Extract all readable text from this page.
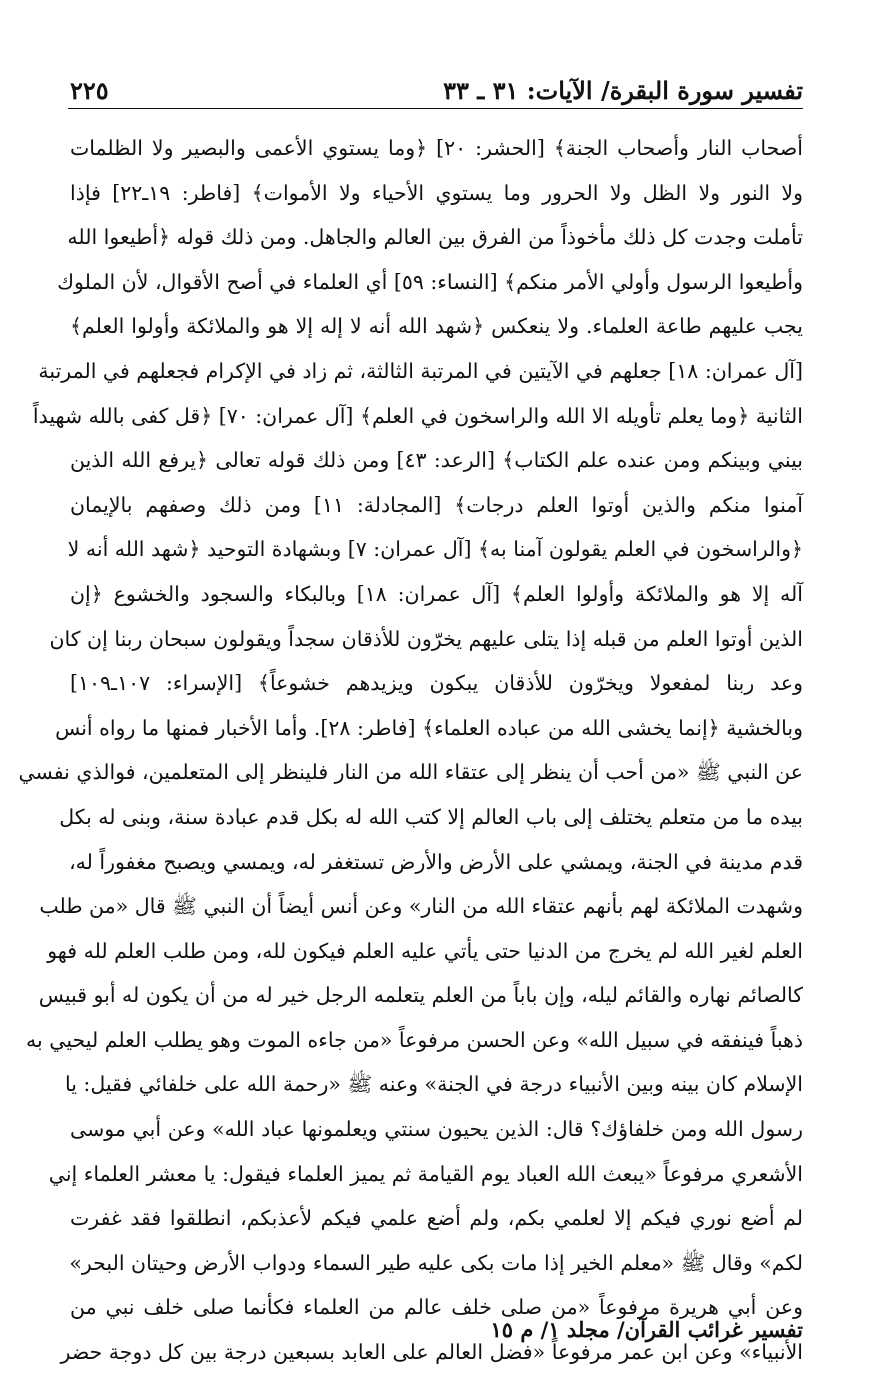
تفسير سورة البقرة/ الآيات: ٣١ ـ ٣٣
٢٢٥
أصحاب النار وأصحاب الجنة﴾ [الحشر: ٢٠] ﴿وما يستوي الأعمى والبصير ولا الظلمات
ولا النور ولا الظل ولا الحرور وما يستوي الأحياء ولا الأموات﴾ [فاطر: ١٩ـ٢٢] فإذا
تأملت وجدت كل ذلك مأخوذاً من الفرق بين العالم والجاهل. ومن ذلك قوله ﴿أطيعوا الله
وأطيعوا الرسول وأولي الأمر منكم﴾ [النساء: ٥٩] أي العلماء في أصح الأقوال، لأن الملوك
يجب عليهم طاعة العلماء. ولا ينعكس ﴿شهد الله أنه لا إله إلا هو والملائكة وأولوا العلم﴾
[آل عمران: ١٨] جعلهم في الآيتين في المرتبة الثالثة، ثم زاد في الإكرام فجعلهم في المرتبة
الثانية ﴿وما يعلم تأويله الا الله والراسخون في العلم﴾ [آل عمران: ٧٠] ﴿قل كفى بالله شهيداً
بيني وبينكم ومن عنده علم الكتاب﴾ [الرعد: ٤٣] ومن ذلك قوله تعالى ﴿يرفع الله الذين
آمنوا منكم والذين أوتوا العلم درجات﴾ [المجادلة: ١١] ومن ذلك وصفهم بالإيمان
﴿والراسخون في العلم يقولون آمنا به﴾ [آل عمران: ٧] وبشهادة التوحيد ﴿شهد الله أنه لا
آله إلا هو والملائكة وأولوا العلم﴾ [آل عمران: ١٨] وبالبكاء والسجود والخشوع ﴿إن
الذين أوتوا العلم من قبله إذا يتلى عليهم يخرّون للأذقان سجداً ويقولون سبحان ربنا إن كان
وعد ربنا لمفعولا ويخرّون للأذقان يبكون ويزيدهم خشوعاً﴾ [الإسراء: ١٠٧ـ١٠٩]
وبالخشية ﴿إنما يخشى الله من عباده العلماء﴾ [فاطر: ٢٨]. وأما الأخبار فمنها ما رواه أنس
عن النبي ﷺ «من أحب أن ينظر إلى عتقاء الله من النار فلينظر إلى المتعلمين، فوالذي نفسي
بيده ما من متعلم يختلف إلى باب العالم إلا كتب الله له بكل قدم عبادة سنة، وبنى له بكل
قدم مدينة في الجنة، ويمشي على الأرض والأرض تستغفر له، ويمسي ويصبح مغفوراً له،
وشهدت الملائكة لهم بأنهم عتقاء الله من النار» وعن أنس أيضاً أن النبي ﷺ قال «من طلب
العلم لغير الله لم يخرج من الدنيا حتى يأتي عليه العلم فيكون لله، ومن طلب العلم لله فهو
كالصائم نهاره والقائم ليله، وإن باباً من العلم يتعلمه الرجل خير له من أن يكون له أبو قبيس
ذهباً فينفقه في سبيل الله» وعن الحسن مرفوعاً «من جاءه الموت وهو يطلب العلم ليحيي به
الإسلام كان بينه وبين الأنبياء درجة في الجنة» وعنه ﷺ «رحمة الله على خلفائي فقيل: يا
رسول الله ومن خلفاؤك؟ قال: الذين يحيون سنتي ويعلمونها عباد الله» وعن أبي موسى
الأشعري مرفوعاً «يبعث الله العباد يوم القيامة ثم يميز العلماء فيقول: يا معشر العلماء إني
لم أضع نوري فيكم إلا لعلمي بكم، ولم أضع علمي فيكم لأعذبكم، انطلقوا فقد غفرت
لكم» وقال ﷺ «معلم الخير إذا مات بكى عليه طير السماء ودواب الأرض وحيتان البحر»
وعن أبي هريرة مرفوعاً «من صلى خلف عالم من العلماء فكأنما صلى خلف نبي من
الأنبياء» وعن ابن عمر مرفوعاً «فضل العالم على العابد بسبعين درجة بين كل دوجة حضر
تفسير غرائب القرآن/ مجلد ١/ م ١٥
